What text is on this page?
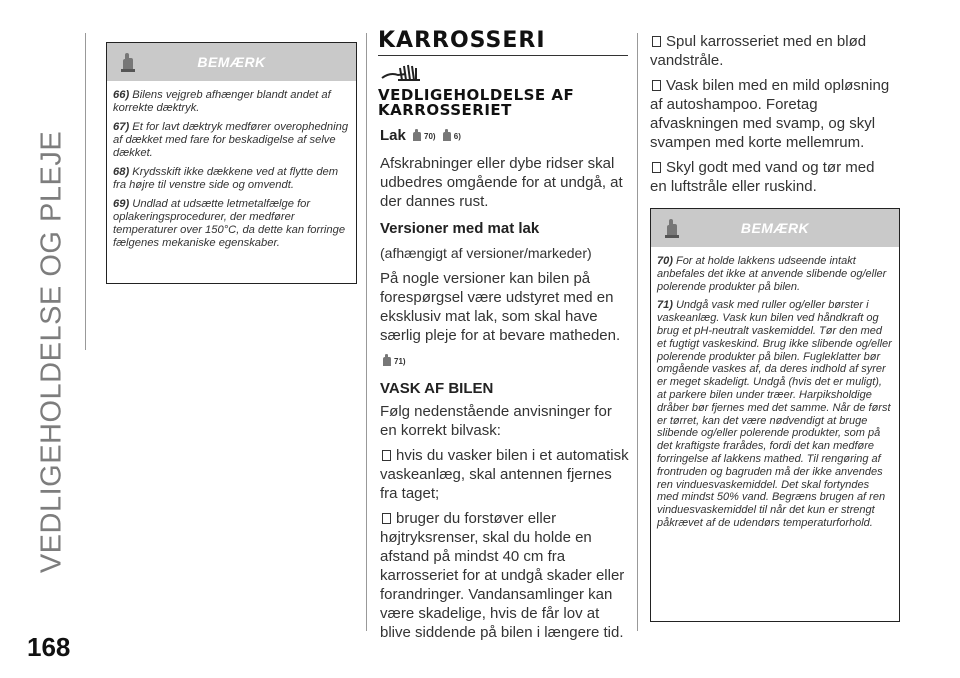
VEDLIGEHOLDELSE OG PLEJE
168
BEMÆRK

66) Bilens vejgreb afhænger blandt andet af korrekte dæktryk.

67) Et for lavt dæktryk medfører overophedning af dækket med fare for beskadigelse af selve dækket.

68) Krydsskift ikke dækkene ved at flytte dem fra højre til venstre side og omvendt.

69) Undlad at udsætte letmetalfælge for oplakeringsprocedurer, der medfører temperaturer over 150°C, da dette kan forringe fælgenes mekaniske egenskaber.

KARROSSERI
VEDLIGEHOLDELSE AF KARROSSERIET

Lak 70) 6)

Afskrabninger eller dybe ridser skal udbedres omgående for at undgå, at der dannes rust.

Versioner med mat lak

(afhængigt af versioner/markeder)

På nogle versioner kan bilen på forespørgsel være udstyret med en eksklusiv mat lak, som skal have særlig pleje for at bevare matheden.

71)

VASK AF BILEN

Følg nedenstående anvisninger for en korrekt bilvask:

hvis du vasker bilen i et automatisk vaskeanlæg, skal antennen fjernes fra taget;

bruger du forstøver eller højtryksrenser, skal du holde en afstand på mindst 40 cm fra karrosseriet for at undgå skader eller forandringer. Vandansamlinger kan være skadelige, hvis de får lov at blive siddende på bilen i længere tid.

Spul karrosseriet med en blød vandstråle.

Vask bilen med en mild opløsning af autoshampoo. Foretag afvaskningen med svamp, og skyl svampen med korte mellemrum.

Skyl godt med vand og tør med en luftstråle eller ruskind.

BEMÆRK

70) For at holde lakkens udseende intakt anbefales det ikke at anvende slibende og/eller polerende produkter på bilen.

71) Undgå vask med ruller og/eller børster i vaskeanlæg. Vask kun bilen ved håndkraft og brug et pH-neutralt vaskemiddel. Tør den med et fugtigt vaskeskind. Brug ikke slibende og/eller polerende produkter på bilen. Fugleklatter bør omgående vaskes af, da deres indhold af syrer er meget skadeligt. Undgå (hvis det er muligt), at parkere bilen under træer. Harpiksholdige dråber bør fjernes med det samme. Når de først er tørret, kan det være nødvendigt at bruge slibende og/eller polerende produkter, som på det kraftigste frarådes, fordi det kan medføre forringelse af lakkens mathed. Til rengøring af frontruden og bagruden må der ikke anvendes ren vinduesvaskemiddel. Det skal fortyndes med mindst 50% vand. Begræns brugen af ren vinduesvaskemiddel til når det kun er strengt påkrævet af de udendørs temperaturforhold.
